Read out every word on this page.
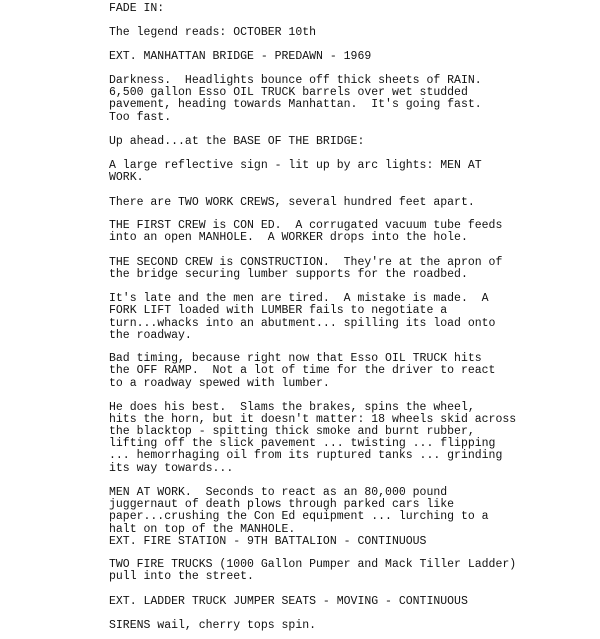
FADE IN:

The legend reads: OCTOBER 10th

EXT. MANHATTAN BRIDGE - PREDAWN - 1969

Darkness.  Headlights bounce off thick sheets of RAIN.
6,500 gallon Esso OIL TRUCK barrels over wet studded
pavement, heading towards Manhattan.  It's going fast.
Too fast.

Up ahead...at the BASE OF THE BRIDGE:

A large reflective sign - lit up by arc lights: MEN AT
WORK.

There are TWO WORK CREWS, several hundred feet apart.

THE FIRST CREW is CON ED.  A corrugated vacuum tube feeds
into an open MANHOLE.  A WORKER drops into the hole.

THE SECOND CREW is CONSTRUCTION.  They're at the apron of
the bridge securing lumber supports for the roadbed.

It's late and the men are tired.  A mistake is made.  A
FORK LIFT loaded with LUMBER fails to negotiate a
turn...whacks into an abutment... spilling its load onto
the roadway.

Bad timing, because right now that Esso OIL TRUCK hits
the OFF RAMP.  Not a lot of time for the driver to react
to a roadway spewed with lumber.

He does his best.  Slams the brakes, spins the wheel,
hits the horn, but it doesn't matter: 18 wheels skid across
the blacktop - spitting thick smoke and burnt rubber,
lifting off the slick pavement ... twisting ... flipping
... hemorrhaging oil from its ruptured tanks ... grinding
its way towards...

MEN AT WORK.  Seconds to react as an 80,000 pound
juggernaut of death plows through parked cars like
paper...crushing the Con Ed equipment ... lurching to a
halt on top of the MANHOLE.

EXT. FIRE STATION - 9TH BATTALION - CONTINUOUS

TWO FIRE TRUCKS (1000 Gallon Pumper and Mack Tiller Ladder)
pull into the street.

EXT. LADDER TRUCK JUMPER SEATS - MOVING - CONTINUOUS

SIRENS wail, cherry tops spin.
